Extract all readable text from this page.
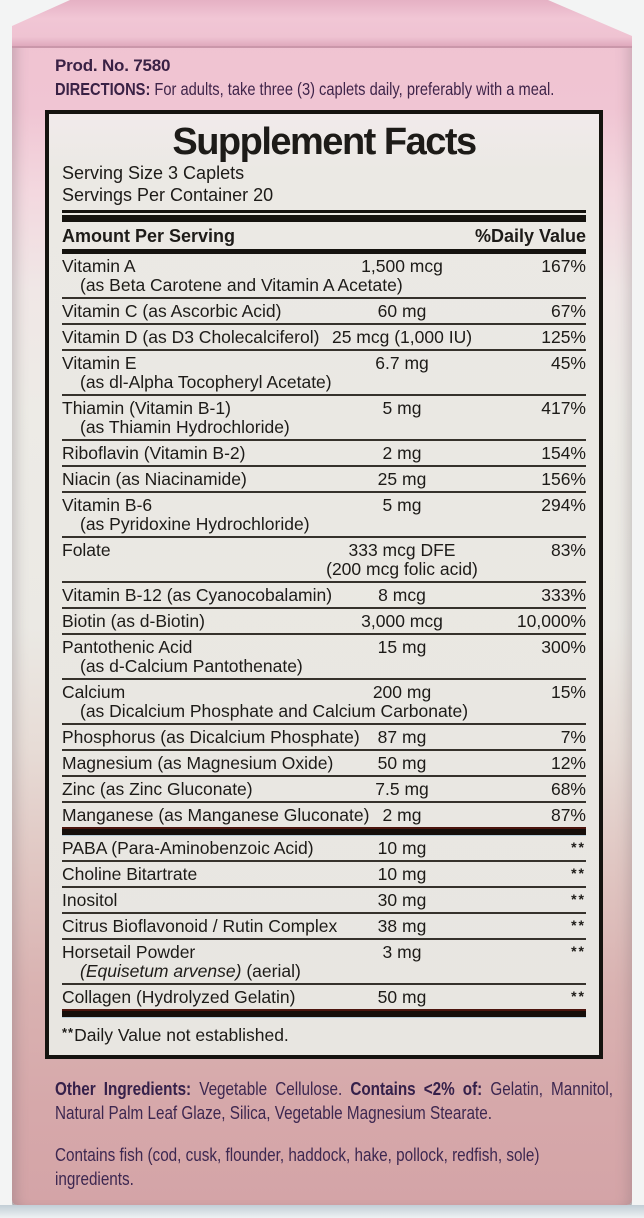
Prod. No. 7580

DIRECTIONS: For adults, take three (3) caplets daily, preferably with a meal.

Supplement Facts
Serving Size 3 Caplets
Servings Per Container 20
Amount Per Serving	%Daily Value
Vitamin A	1,500 mcg	167%
(as Beta Carotene and Vitamin A Acetate)
Vitamin C (as Ascorbic Acid)	60 mg	67%
Vitamin D (as D3 Cholecalciferol) 25 mcg (1,000 IU)	125%
Vitamin E	6.7 mg	45%
(as dl-Alpha Tocopheryl Acetate)
Thiamin (Vitamin B-1)	5 mg	417%
(as Thiamin Hydrochloride)
Riboflavin (Vitamin B-2)	2 mg	154%
Niacin (as Niacinamide)	25 mg	156%
Vitamin B-6	5 mg	294%
(as Pyridoxine Hydrochloride)
Folate	333 mcg DFE	83%
(200 mcg folic acid)
Vitamin B-12 (as Cyanocobalamin)	8 mcg	333%
Biotin (as d-Biotin)	3,000 mcg	10,000%
Pantothenic Acid	15 mg	300%
(as d-Calcium Pantothenate)
Calcium	200 mg	15%
(as Dicalcium Phosphate and Calcium Carbonate)
Phosphorus (as Dicalcium Phosphate)	87 mg	7%
Magnesium (as Magnesium Oxide)	50 mg	12%
Zinc (as Zinc Gluconate)	7.5 mg	68%
Manganese (as Manganese Gluconate) 2 mg	87%
PABA (Para-Aminobenzoic Acid)	10 mg	**
Choline Bitartrate	10 mg	**
Inositol	30 mg	**
Citrus Bioflavonoid / Rutin Complex	38 mg	**
Horsetail Powder	3 mg	**
(Equisetum arvense) (aerial)
Collagen (Hydrolyzed Gelatin)	50 mg	**
**Daily Value not established.

Other Ingredients: Vegetable Cellulose. Contains <2% of: Gelatin, Mannitol, Natural Palm Leaf Glaze, Silica, Vegetable Magnesium Stearate.

Contains fish (cod, cusk, flounder, haddock, hake, pollock, redfish, sole) ingredients.
